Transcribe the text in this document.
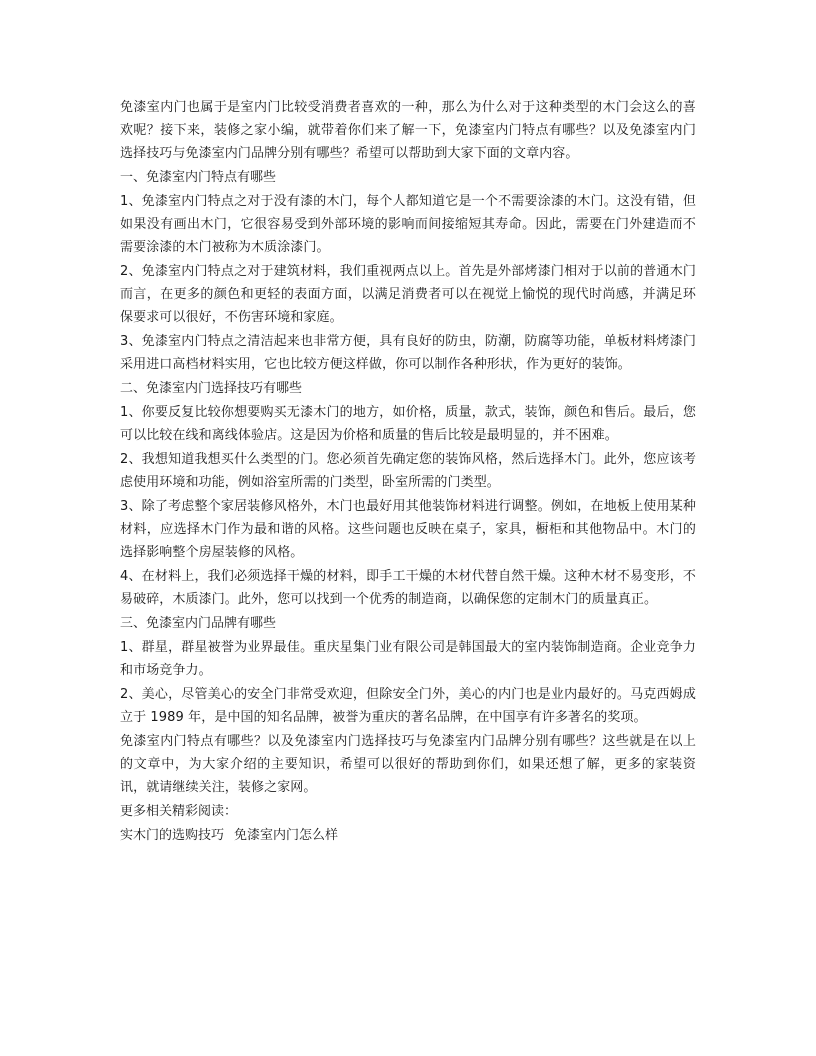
免漆室内门也属于是室内门比较受消费者喜欢的一种，那么为什么对于这种类型的木门会这么的喜欢呢？接下来，装修之家小编，就带着你们来了解一下，免漆室内门特点有哪些？以及免漆室内门选择技巧与免漆室内门品牌分别有哪些？希望可以帮助到大家下面的文章内容。

一、免漆室内门特点有哪些

1、免漆室内门特点之对于没有漆的木门，每个人都知道它是一个不需要涂漆的木门。这没有错，但如果没有画出木门，它很容易受到外部环境的影响而间接缩短其寿命。因此，需要在门外建造而不需要涂漆的木门被称为木质涂漆门。

2、免漆室内门特点之对于建筑材料，我们重视两点以上。首先是外部烤漆门相对于以前的普通木门而言，在更多的颜色和更轻的表面方面，以满足消费者可以在视觉上愉悦的现代时尚感，并满足环保要求可以很好，不伤害环境和家庭。

3、免漆室内门特点之清洁起来也非常方便，具有良好的防虫，防潮，防腐等功能，单板材料烤漆门采用进口高档材料实用，它也比较方便这样做，你可以制作各种形状，作为更好的装饰。

二、免漆室内门选择技巧有哪些

1、你要反复比较你想要购买无漆木门的地方，如价格，质量，款式，装饰，颜色和售后。最后，您可以比较在线和离线体验店。这是因为价格和质量的售后比较是最明显的，并不困难。

2、我想知道我想买什么类型的门。您必须首先确定您的装饰风格，然后选择木门。此外，您应该考虑使用环境和功能，例如浴室所需的门类型，卧室所需的门类型。

3、除了考虑整个家居装修风格外，木门也最好用其他装饰材料进行调整。例如，在地板上使用某种材料，应选择木门作为最和谐的风格。这些问题也反映在桌子，家具，橱柜和其他物品中。木门的选择影响整个房屋装修的风格。

4、在材料上，我们必须选择干燥的材料，即手工干燥的木材代替自然干燥。这种木材不易变形，不易破碎，木质漆门。此外，您可以找到一个优秀的制造商，以确保您的定制木门的质量真正。

三、免漆室内门品牌有哪些

1、群星，群星被誉为业界最佳。重庆星集门业有限公司是韩国最大的室内装饰制造商。企业竞争力和市场竞争力。

2、美心，尽管美心的安全门非常受欢迎，但除安全门外，美心的内门也是业内最好的。马克西姆成立于 1989 年，是中国的知名品牌，被誉为重庆的著名品牌，在中国享有许多著名的奖项。

免漆室内门特点有哪些？以及免漆室内门选择技巧与免漆室内门品牌分别有哪些？这些就是在以上的文章中，为大家介绍的主要知识，希望可以很好的帮助到你们，如果还想了解，更多的家装资讯，就请继续关注，装修之家网。

更多相关精彩阅读：

实木门的选购技巧 免漆室内门怎么样
